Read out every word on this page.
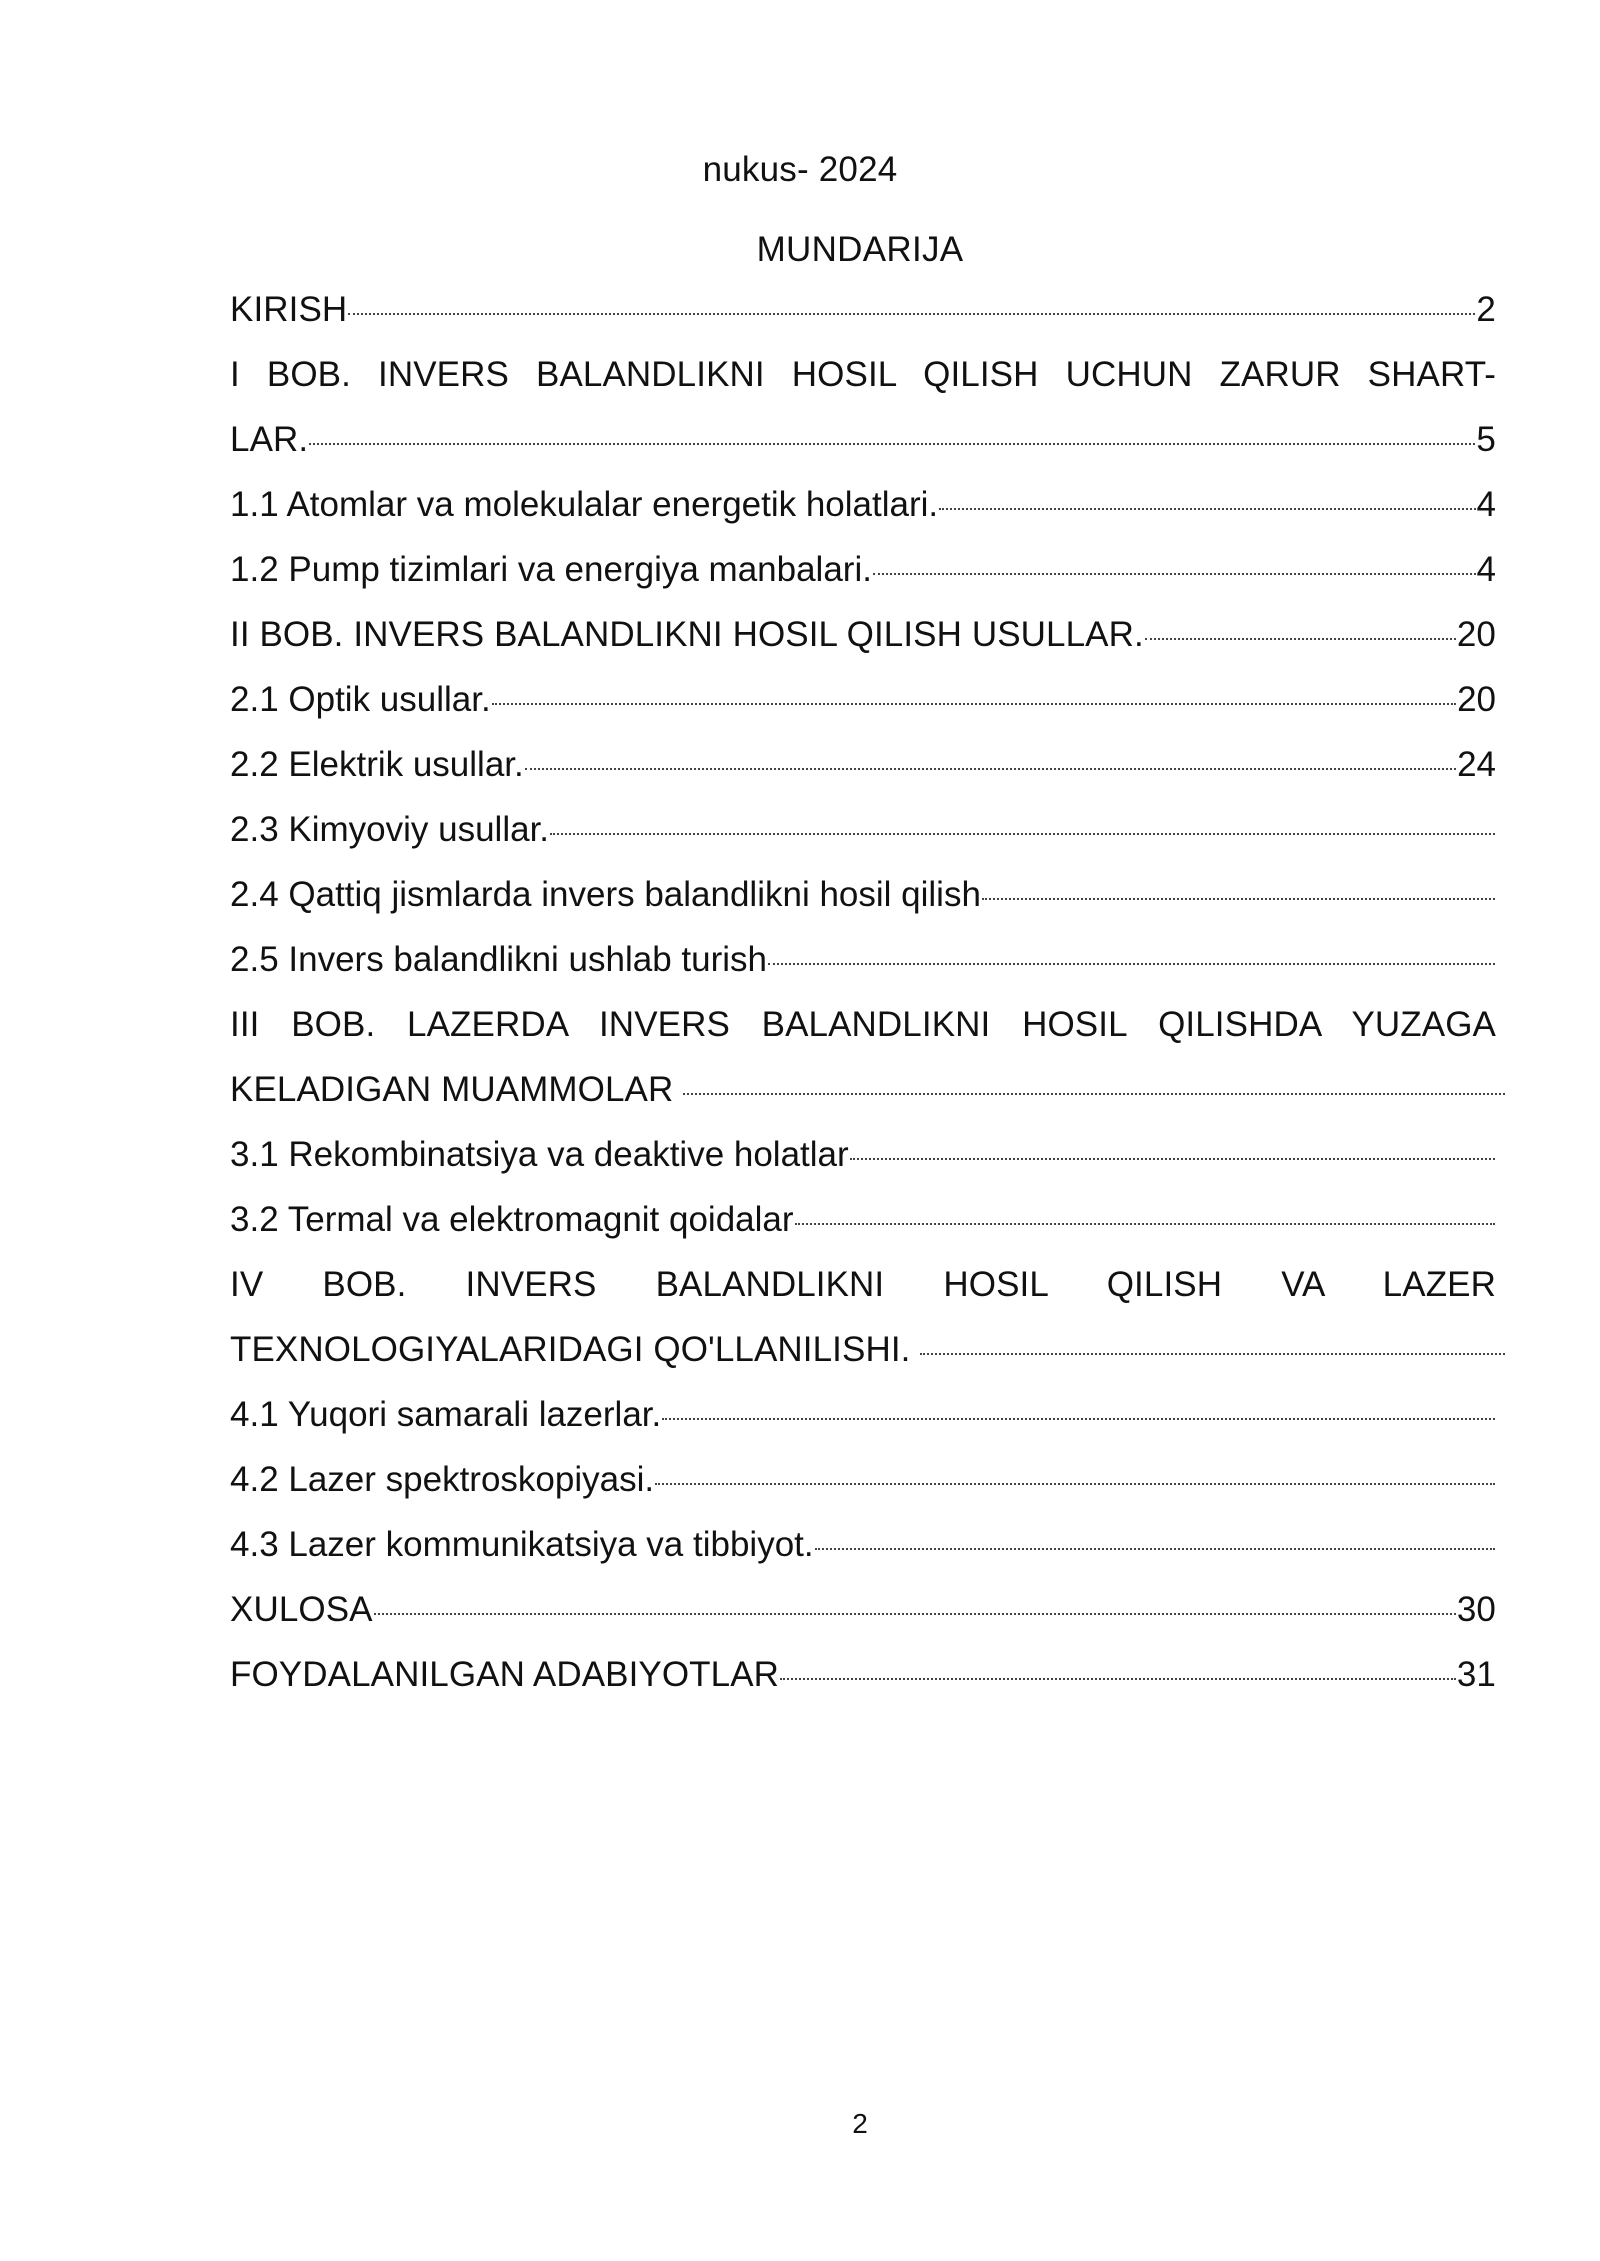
nukus- 2024
MUNDARIJA
KIRISH	2
I BOB. INVERS BALANDLIKNI HOSIL QILISH UCHUN ZARUR SHART-
LAR.	5
1.1 Atomlar va molekulalar energetik holatlari.	4
1.2 Pump tizimlari va energiya manbalari.	4
II BOB. INVERS BALANDLIKNI HOSIL QILISH USULLAR.	20
2.1 Optik usullar.	20
2.2 Elektrik usullar.	24
2.3 Kimyoviy usullar.
2.4 Qattiq jismlarda invers balandlikni hosil qilish
2.5 Invers balandlikni ushlab turish
III BOB. LAZERDA INVERS BALANDLIKNI HOSIL QILISHDA YUZAGA
KELADIGAN MUAMMOLAR
3.1 Rekombinatsiya va deaktive holatlar
3.2 Termal va elektromagnit qoidalar
IV BOB. INVERS BALANDLIKNI HOSIL QILISH VA LAZER
TEXNOLOGIYALARIDAGI QO'LLANILISHI.
4.1 Yuqori samarali lazerlar.
4.2 Lazer spektroskopiyasi.
4.3 Lazer kommunikatsiya va tibbiyot.
XULOSA	30
FOYDALANILGAN ADABIYOTLAR	31
2
